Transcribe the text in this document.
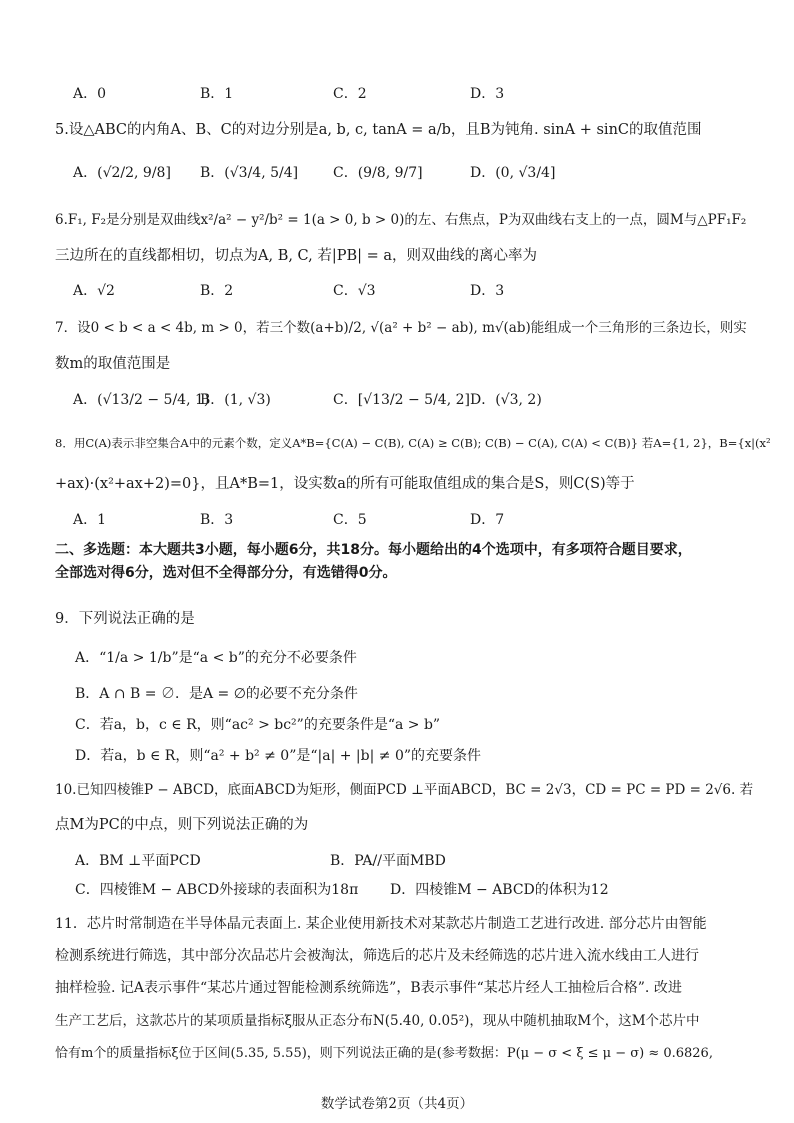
A．0	B．1	C．2	D．3
5.设△ABC的内角A、B、C的对边分别是a, b, c, tanA = a/b，且B为钝角. sinA + sinC的取值范围
A．(√2/2, 9/8] B．(√3/4, 5/4] C．(9/8, 9/7]	D．(0, √3/4]
6.F₁, F₂是分别是双曲线x²/a² − y²/b² = 1(a > 0, b > 0)的左、右焦点，P为双曲线右支上的一点，圆M与△PF₁F₂
三边所在的直线都相切，切点为A, B, C, 若|PB| = a，则双曲线的离心率为
A．√2	B．2	C．√3	D．3
7．设0 < b < a < 4b, m > 0，若三个数(a+b)/2, √(a² + b² − ab), m√(ab)能组成一个三角形的三条边长，则实
数m的取值范围是
A．(√13/2 − 5/4, 1)
B．(1, √3)	C．[√13/2 − 5/4, 2] D．(√3, 2)
8．用C(A)表示非空集合A中的元素个数，定义A*B={C(A) − C(B), C(A) ≥ C(B); C(B) − C(A), C(A) < C(B)} 若A={1, 2}，B={x|(x²
+ax)·(x²+ax+2)=0}，且A*B=1，设实数a的所有可能取值组成的集合是S，则C(S)等于
A．1	B．3	C．5	D．7
二、多选题：本大题共3小题，每小题6分，共18分。每小题给出的4个选项中，有多项符合题目要求，
全部选对得6分，选对但不全得部分分，有选错得0分。
9．下列说法正确的是
A．“1/a > 1/b”是“a < b”的充分不必要条件
B．A ∩ B = ∅．是A = ∅的必要不充分条件
C．若a，b，c ∈ R，则“ac² > bc²”的充要条件是“a > b”
D．若a，b ∈ R，则“a² + b² ≠ 0”是“|a| + |b| ≠ 0”的充要条件
10.已知四棱锥P − ABCD，底面ABCD为矩形，侧面PCD ⊥平面ABCD，BC = 2√3，CD = PC = PD = 2√6. 若
点M为PC的中点，则下列说法正确的为
A．BM ⊥平面PCD	B．PA//平面MBD
C．四棱锥M − ABCD外接球的表面积为18π D．四棱锥M − ABCD的体积为12
11．芯片时常制造在半导体晶元表面上. 某企业使用新技术对某款芯片制造工艺进行改进. 部分芯片由智能
检测系统进行筛选，其中部分次品芯片会被淘汰，筛选后的芯片及未经筛选的芯片进入流水线由工人进行
抽样检验. 记A表示事件“某芯片通过智能检测系统筛选”，B表示事件“某芯片经人工抽检后合格”. 改进
生产工艺后，这款芯片的某项质量指标ξ服从正态分布N(5.40, 0.05²)，现从中随机抽取M个，这M个芯片中
恰有m个的质量指标ξ位于区间(5.35, 5.55)，则下列说法正确的是(参考数据：P(μ − σ < ξ ≤ μ − σ) ≈ 0.6826,
数学试卷第2页（共4页）
